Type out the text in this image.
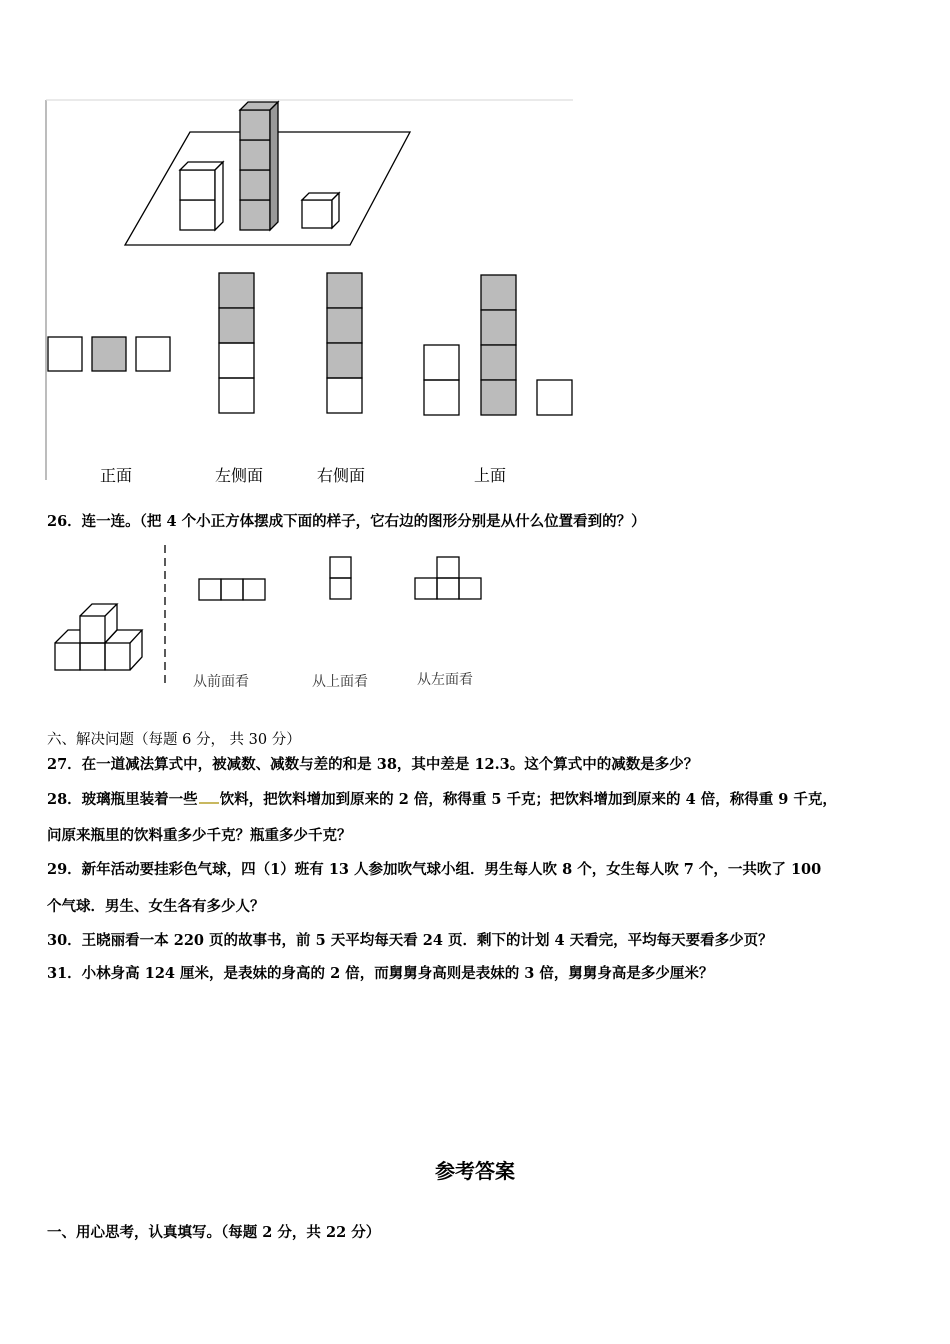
正面	左侧面	右侧面	上面
26．连一连。（把 4 个小正方体摆成下面的样子，它右边的图形分别是从什么位置看到的？）
从前面看	从上面看	从左面看
六、解决问题（每题 6 分， 共 30 分）
27．在一道减法算式中，被减数、减数与差的和是 38，其中差是 12.3。这个算式中的减数是多少？
28．玻璃瓶里装着一些 饮料，把饮料增加到原来的 2 倍，称得重 5 千克；把饮料增加到原来的 4 倍，称得重 9 千克，
问原来瓶里的饮料重多少千克？瓶重多少千克？
29．新年活动要挂彩色气球，四（1）班有 13 人参加吹气球小组．男生每人吹 8 个，女生每人吹 7 个，一共吹了 100
个气球．男生、女生各有多少人？
30．王晓丽看一本 220 页的故事书，前 5 天平均每天看 24 页．剩下的计划 4 天看完，平均每天要看多少页？
31．小林身高 124 厘米，是表妹的身高的 2 倍，而舅舅身高则是表妹的 3 倍，舅舅身高是多少厘米？
参考答案
一、用心思考，认真填写。（每题 2 分，共 22 分）
